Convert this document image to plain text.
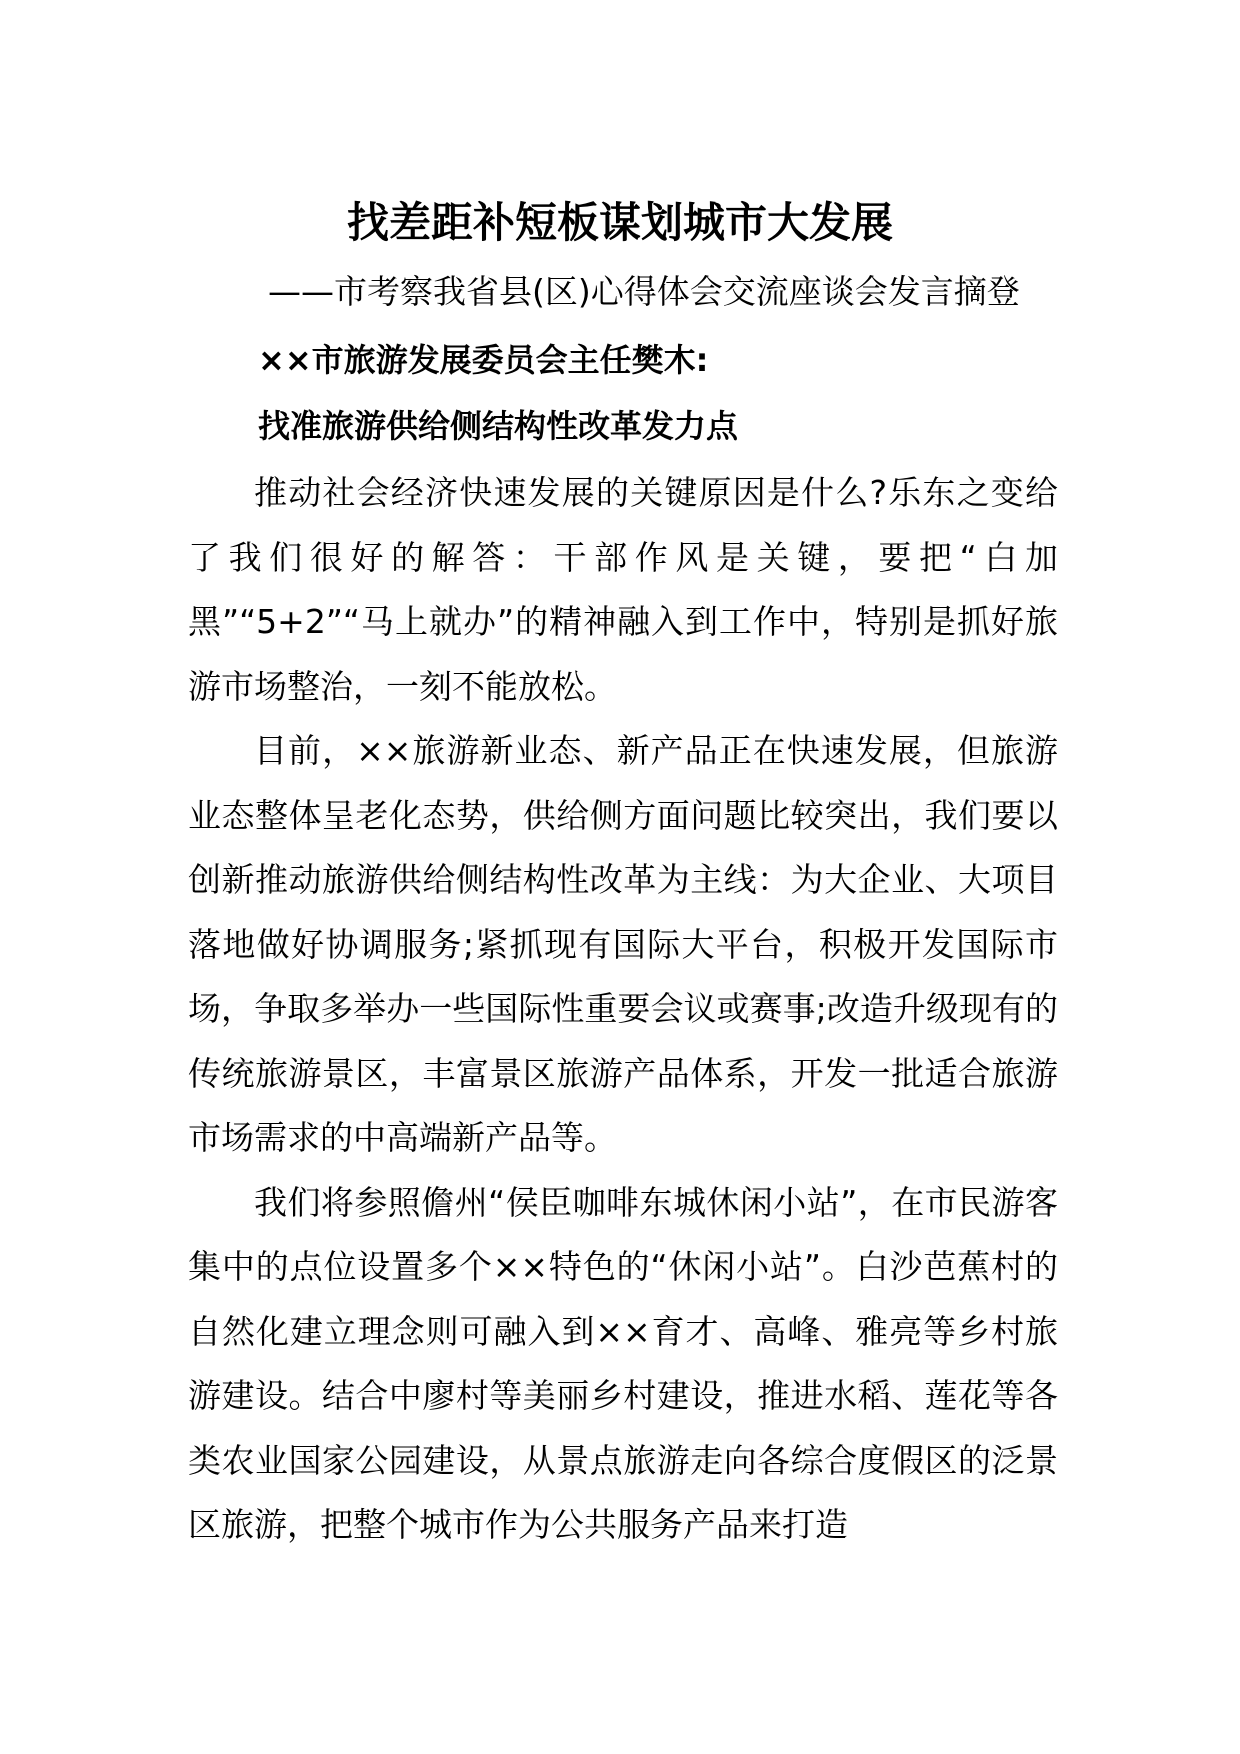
找差距补短板谋划城市大发展
——市考察我省县(区)心得体会交流座谈会发言摘登
××市旅游发展委员会主任樊木:
找准旅游供给侧结构性改革发力点

推动社会经济快速发展的关键原因是什么?乐东之变给了我们很好的解答：干部作风是关键，要把“白加黑”“5+2”“马上就办”的精神融入到工作中，特别是抓好旅游市场整治，一刻不能放松。

目前，××旅游新业态、新产品正在快速发展，但旅游业态整体呈老化态势，供给侧方面问题比较突出，我们要以创新推动旅游供给侧结构性改革为主线：为大企业、大项目落地做好协调服务;紧抓现有国际大平台，积极开发国际市场，争取多举办一些国际性重要会议或赛事;改造升级现有的传统旅游景区，丰富景区旅游产品体系，开发一批适合旅游市场需求的中高端新产品等。

我们将参照儋州“侯臣咖啡东城休闲小站”，在市民游客集中的点位设置多个××特色的“休闲小站”。白沙芭蕉村的自然化建立理念则可融入到××育才、高峰、雅亮等乡村旅游建设。结合中廖村等美丽乡村建设，推进水稻、莲花等各类农业国家公园建设，从景点旅游走向各综合度假区的泛景区旅游，把整个城市作为公共服务产品来打造
